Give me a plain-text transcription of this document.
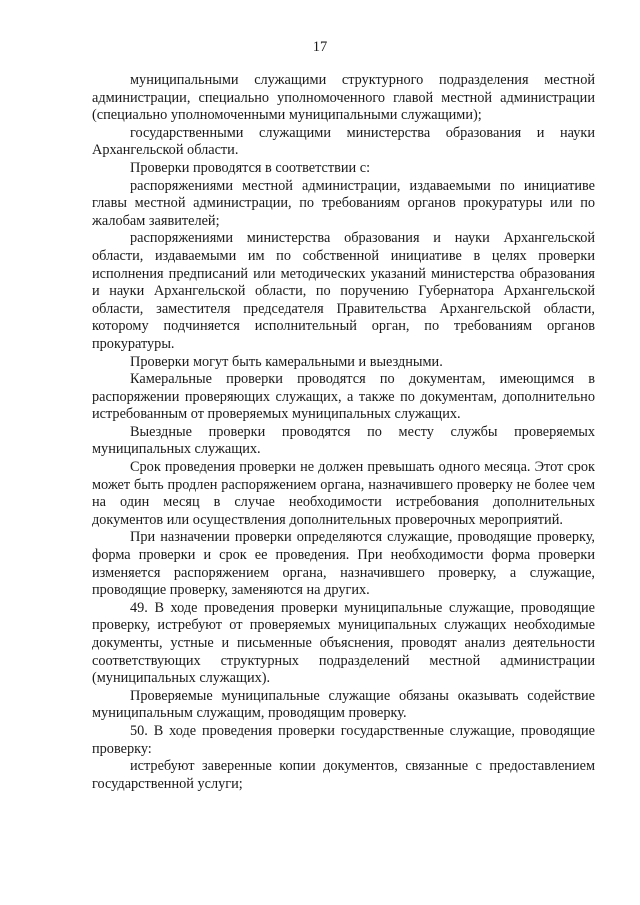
17

муниципальными служащими структурного подразделения местной администрации, специально уполномоченного главой местной администрации (специально уполномоченными муниципальными служащими);

государственными служащими министерства образования и науки Архангельской области.

Проверки проводятся в соответствии с:

распоряжениями местной администрации, издаваемыми по инициативе главы местной администрации, по требованиям органов прокуратуры или по жалобам заявителей;

распоряжениями министерства образования и науки Архангельской области, издаваемыми им по собственной инициативе в целях проверки исполнения предписаний или методических указаний министерства образования и науки Архангельской области, по поручению Губернатора Архангельской области, заместителя председателя Правительства Архангельской области, которому подчиняется исполнительный орган, по требованиям органов прокуратуры.

Проверки могут быть камеральными и выездными.

Камеральные проверки проводятся по документам, имеющимся в распоряжении проверяющих служащих, а также по документам, дополнительно истребованным от проверяемых муниципальных служащих.

Выездные проверки проводятся по месту службы проверяемых муниципальных служащих.

Срок проведения проверки не должен превышать одного месяца. Этот срок может быть продлен распоряжением органа, назначившего проверку не более чем на один месяц в случае необходимости истребования дополнительных документов или осуществления дополнительных проверочных мероприятий.

При назначении проверки определяются служащие, проводящие проверку, форма проверки и срок ее проведения. При необходимости форма проверки изменяется распоряжением органа, назначившего проверку, а служащие, проводящие проверку, заменяются на других.

49. В ходе проведения проверки муниципальные служащие, проводящие проверку, истребуют от проверяемых муниципальных служащих необходимые документы, устные и письменные объяснения, проводят анализ деятельности соответствующих структурных подразделений местной администрации (муниципальных служащих).

Проверяемые муниципальные служащие обязаны оказывать содействие муниципальным служащим, проводящим проверку.

50. В ходе проведения проверки государственные служащие, проводящие проверку:

истребуют заверенные копии документов, связанные с предоставлением государственной услуги;
